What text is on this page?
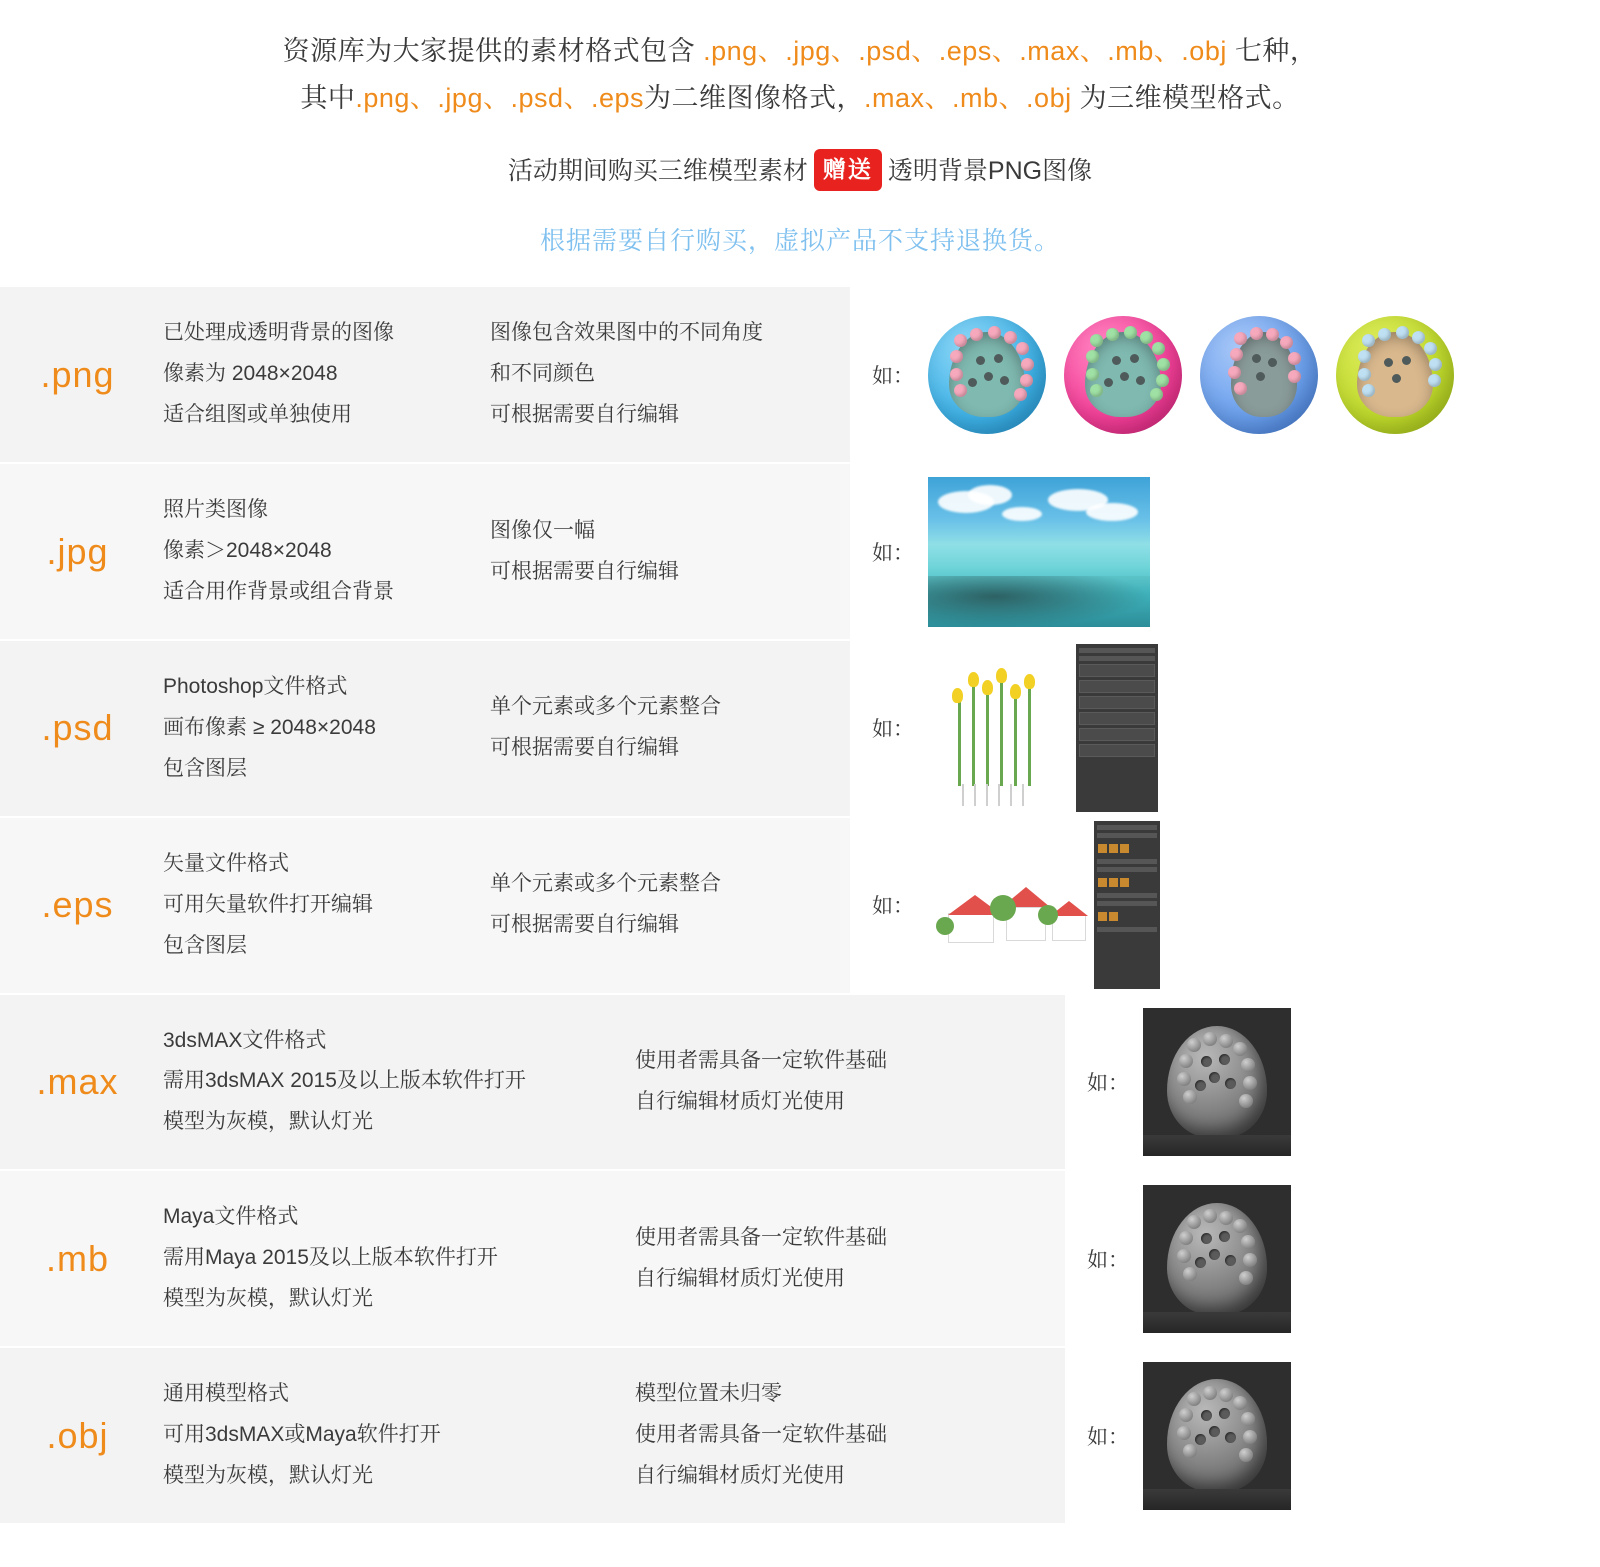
资源库为大家提供的素材格式包含 .png、.jpg、.psd、.eps、.max、.mb、.obj 七种，
其中.png、.jpg、.psd、.eps为二维图像格式，.max、.mb、.obj 为三维模型格式。
活动期间购买三维模型素材 赠送 透明背景PNG图像
根据需要自行购买，虚拟产品不支持退换货。
.png
已处理成透明背景的图像
像素为 2048×2048
适合组图或单独使用
图像包含效果图中的不同角度
和不同颜色
可根据需要自行编辑
如：
.jpg
照片类图像
像素＞2048×2048
适合用作背景或组合背景
图像仅一幅
可根据需要自行编辑
如：
.psd
Photoshop文件格式
画布像素 ≥ 2048×2048
包含图层
单个元素或多个元素整合
可根据需要自行编辑
如：
.eps
矢量文件格式
可用矢量软件打开编辑
包含图层
单个元素或多个元素整合
可根据需要自行编辑
如：
.max
3dsMAX文件格式
需用3dsMAX 2015及以上版本软件打开
模型为灰模，默认灯光
使用者需具备一定软件基础
自行编辑材质灯光使用
如：
.mb
Maya文件格式
需用Maya 2015及以上版本软件打开
模型为灰模，默认灯光
使用者需具备一定软件基础
自行编辑材质灯光使用
如：
.obj
通用模型格式
可用3dsMAX或Maya软件打开
模型为灰模，默认灯光
模型位置未归零
使用者需具备一定软件基础
自行编辑材质灯光使用
如：
